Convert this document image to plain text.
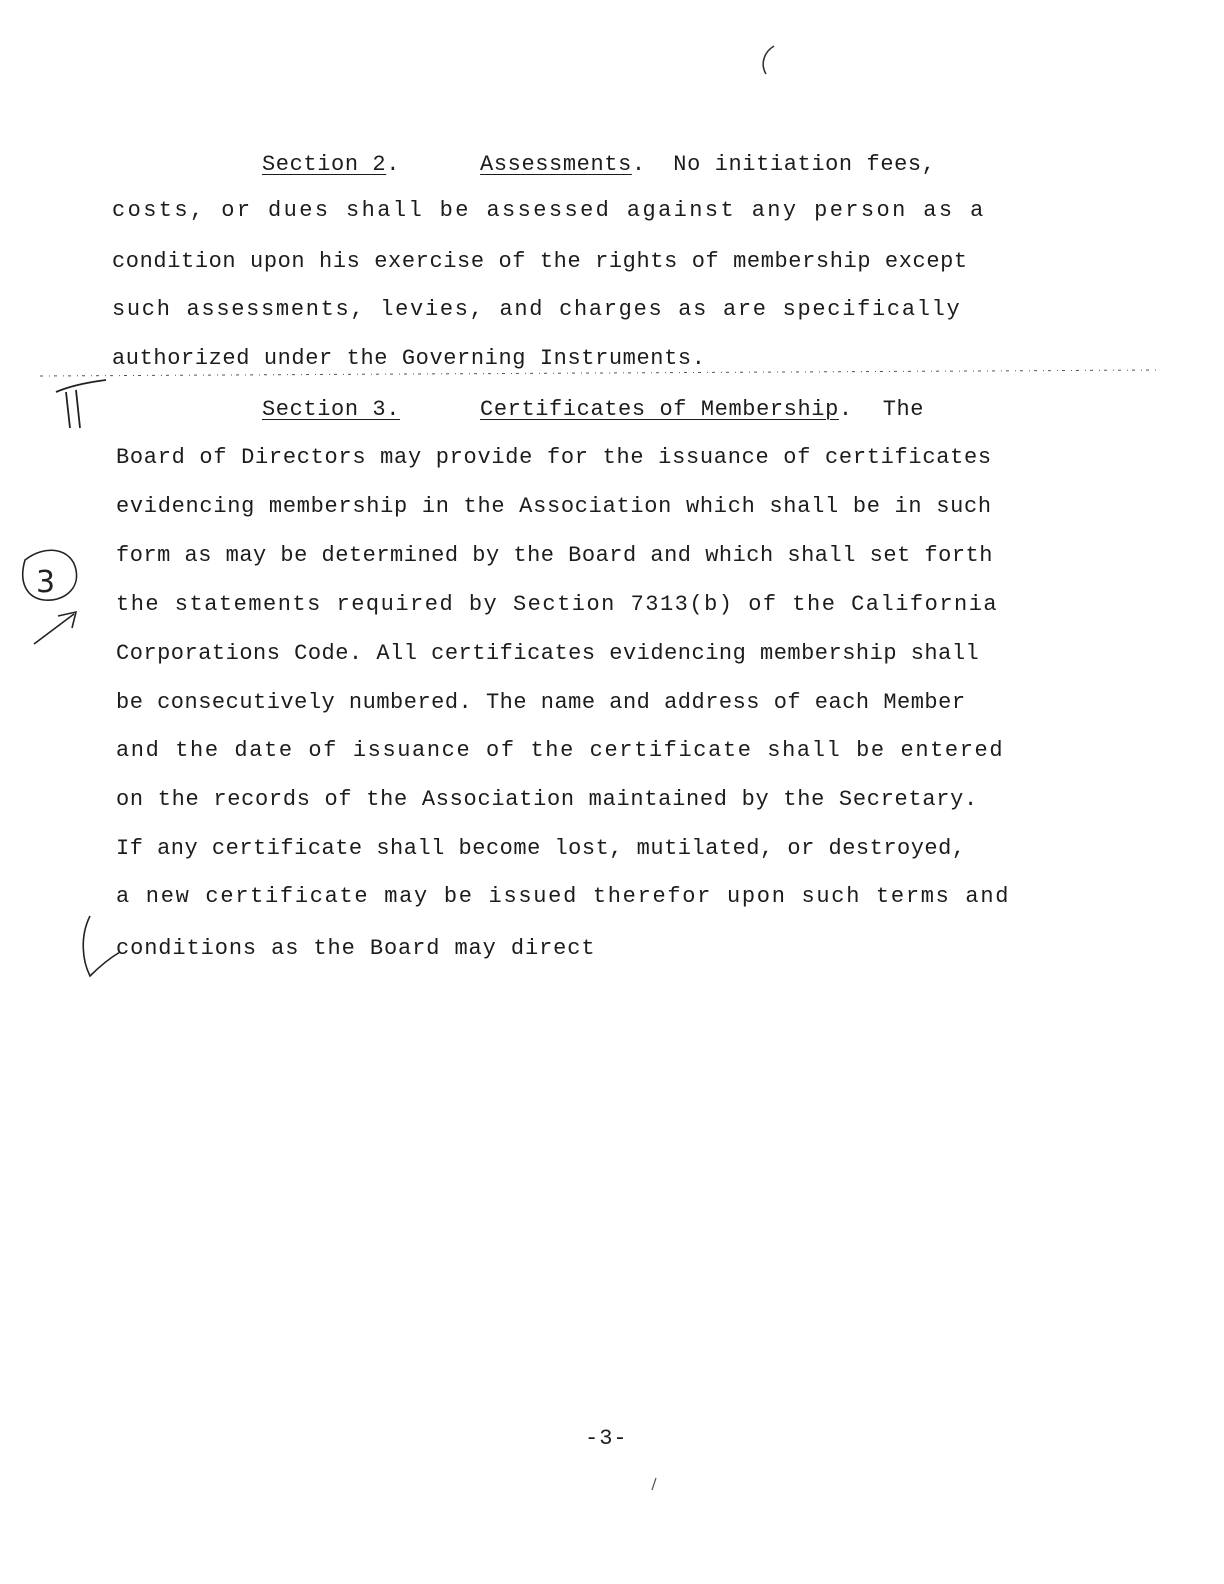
Section 2.	Assessments. No initiation fees,
costs, or dues shall be assessed against any person as a
condition upon his exercise of the rights of membership except
such assessments, levies, and charges as are specifically
authorized under the Governing Instruments.
Section 3.	Certificates of Membership. The
Board of Directors may provide for the issuance of certificates
evidencing membership in the Association which shall be in such
form as may be determined by the Board and which shall set forth
the statements required by Section 7313(b) of the California
Corporations Code. All certificates evidencing membership shall
be consecutively numbered. The name and address of each Member
and the date of issuance of the certificate shall be entered
on the records of the Association maintained by the Secretary.
If any certificate shall become lost, mutilated, or destroyed,
a new certificate may be issued therefor upon such terms and
conditions as the Board may direct
-3-
3
